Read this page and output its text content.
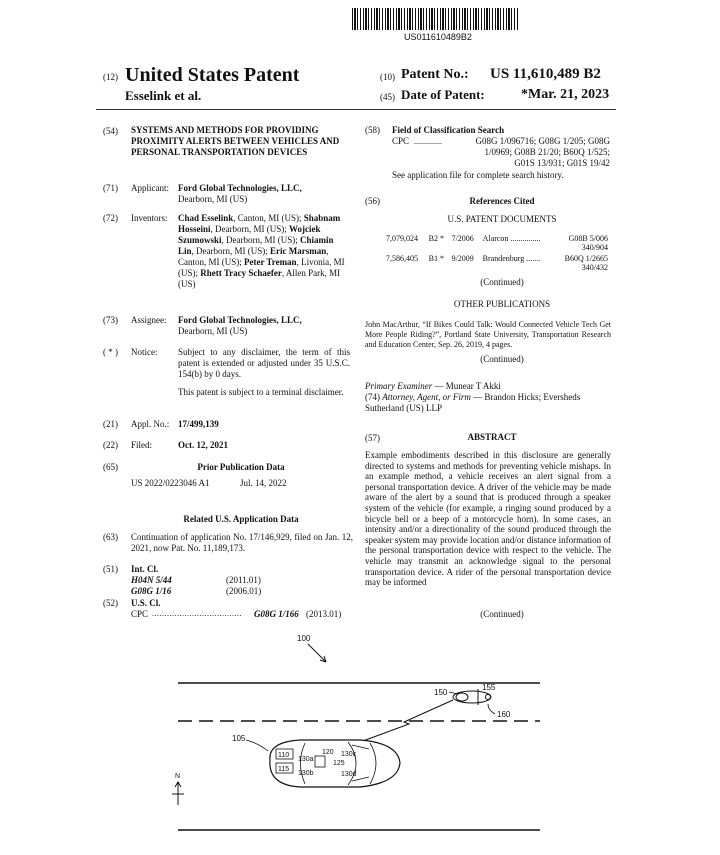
US011610489B2
(12) United States Patent
Esselink et al.
(10) Patent No.: US 11,610,489 B2
(45) Date of Patent:	*Mar. 21, 2023
(54)	SYSTEMS AND METHODS FOR PROVIDING PROXIMITY ALERTS BETWEEN VEHICLES AND PERSONAL TRANSPORTATION DEVICES
(71)	Applicant: Ford Global Technologies, LLC,
Dearborn, MI (US)
(72)	Inventors: Chad Esselink, Canton, MI (US); Shabnam Hosseini, Dearborn, MI (US); Wojciek Szumowski, Dearborn, MI (US); Chiamin Lin, Dearborn, MI (US); Eric Marsman, Canton, MI (US); Peter Treman, Livonia, MI (US); Rhett Tracy Schaefer, Allen Park, MI (US)
(73)	Assignee: Ford Global Technologies, LLC,
Dearborn, MI (US)
( * )	Notice: Subject to any disclaimer, the term of this patent is extended or adjusted under 35 U.S.C. 154(b) by 0 days.
This patent is subject to a terminal disclaimer.
(21)	Appl. No.: 17/499,139
(22)	Filed:	Oct. 12, 2021
(65)	Prior Publication Data
US 2022/0223046 A1	Jul. 14, 2022
Related U.S. Application Data
(63)	Continuation of application No. 17/146,929, filed on Jan. 12, 2021, now Pat. No. 11,189,173.
(51)	Int. Cl.
H04N 5/44	(2011.01)
G08G 1/16	(2006.01)
(52)	U.S. Cl.
CPC .................................... G08G 1/166 (2013.01)
(58)	Field of Classification Search
CPC ..............	G08G 1/096716; G08G 1/205; G08G 1/0969; G08B 21/20; B60Q 1/525; G01S 13/931; G01S 19/42
See application file for complete search history.
(56)	References Cited
U.S. PATENT DOCUMENTS
7,079,024	B2 *	7/2006	Alarcon ...............	G08B 5/006
340/904
7,586,405	B1 *	9/2009	Brandenburg .......	B60Q 1/2665
340/432
(Continued)
OTHER PUBLICATIONS
John MacArthur, “If Bikes Could Talk: Would Connected Vehicle Tech Get More People Riding?”, Portland State University, Transportation Research and Education Center, Sep. 26, 2019, 4 pages.
(Continued)
Primary Examiner — Munear T Akki
(74) Attorney, Agent, or Firm — Brandon Hicks; Eversheds Sutherland (US) LLP
(57)	ABSTRACT
Example embodiments described in this disclosure are generally directed to systems and methods for preventing vehicle mishaps. In an example method, a vehicle receives an alert signal from a personal transportation device. A driver of the vehicle may be made aware of the alert by a sound that is produced through a speaker system of the vehicle (for example, a ringing sound produced by a bicycle bell or a beep of a motorcycle horn). In some cases, an intensity and/or a directionality of the sound produced through the speaker system may provide location and/or distance information of the personal transportation device with respect to the vehicle. The vehicle may transmit an acknowledge signal to the personal transportation device. A rider of the personal transportation device may be informed
(Continued)
100
150
155
160
110
115
120
125
130a
130b
130c
130d
105
N
